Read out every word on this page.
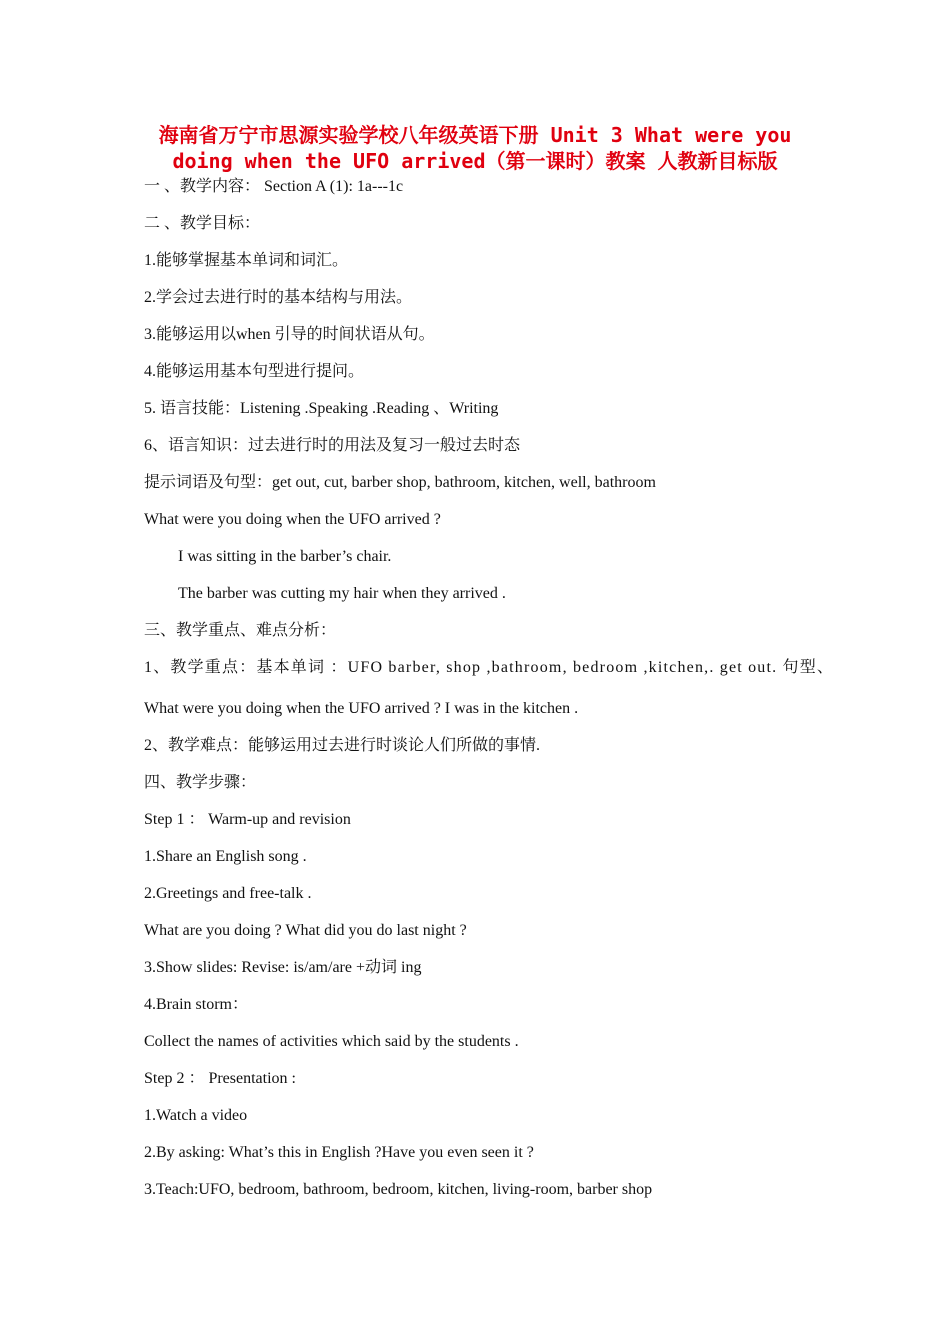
海南省万宁市思源实验学校八年级英语下册 Unit 3 What were you doing when the UFO arrived（第一课时）教案 人教新目标版
一 、教学内容： Section A (1): 1a---1c
二 、教学目标：
1.能够掌握基本单词和词汇。
2.学会过去进行时的基本结构与用法。
3.能够运用以when 引导的时间状语从句。
4.能够运用基本句型进行提问。
5. 语言技能：Listening .Speaking .Reading 、Writing
6、语言知识：过去进行时的用法及复习一般过去时态
提示词语及句型：get out, cut, barber shop, bathroom, kitchen, well, bathroom
What were you doing when the UFO arrived ?
I was sitting in the barber’s chair.
The barber was cutting my hair when they arrived .
三、教学重点、难点分析：
1、教学重点：基本单词 ：UFO barber, shop ,bathroom, bedroom ,kitchen,. get out. 句型、
What were you doing when the UFO arrived ? I was in the kitchen .
2、教学难点：能够运用过去进行时谈论人们所做的事情.
四、教学步骤：
Step 1 ： Warm-up and revision
1.Share an English song .
2.Greetings and free-talk .
What are you doing ? What did you do last night ?
3.Show slides: Revise: is/am/are +动词 ing
4.Brain storm：
Collect the names of activities which said by the students .
Step 2 ： Presentation :
1.Watch a video
2.By asking: What’s this in English ?Have you even seen it ?
3.Teach:UFO, bedroom, bathroom, bedroom, kitchen, living-room, barber shop
